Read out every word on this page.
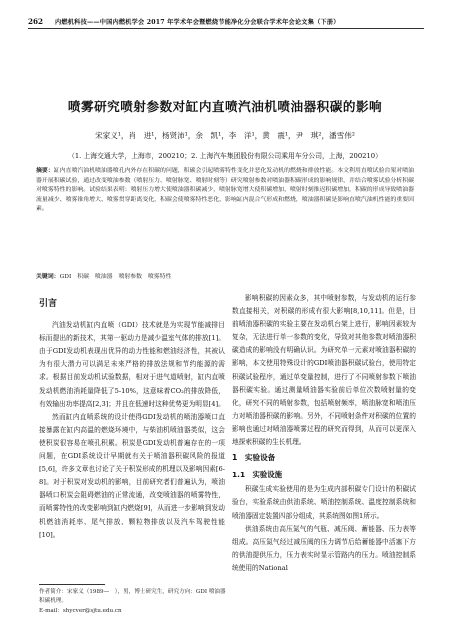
262 内燃机科技——中国内燃机学会 2017 年学术年会暨燃烧节能净化分会联合学术年会论文集（下册）
喷雾研究喷射参数对缸内直喷汽油机喷油器积碳的影响
宋家义¹，肖　进¹，杨贤沛¹，余　凯¹，李　洋¹，黄　震¹，尹　琪²，潘雪伟²
（1. 上海交通大学，上海市，200210；2. 上海汽车集团股份有限公司乘用车分公司，上海，200210）
摘要：缸内直喷汽油机喷油器喷孔内外存在积碳的问题，积碳会引起喷雾特性变化并恶化发动机的燃烧和排放性能。本文利用直喷试验台架对喷油器开展积碳试验，通过改变喷油参数（喷射压力、喷射脉宽、喷射时刻等）研究喷射参数对喷油器积碳形成的影响规律，并结合喷雾试验分析积碳对喷雾特性的影响。试验结果表明：喷射压力增大使喷油器积碳减少，喷射脉宽增大使积碳增加，喷射时刻推迟积碳增加，积碳的形成导致喷油器流量减少、喷雾锥角增大、喷雾贯穿距离变化，积碳会使喷雾特性恶化，影响缸内混合气形成和燃烧，喷油器积碳是影响直喷汽油机性能的重要因素。
关键词：GDI　积碳　喷油器　喷射参数　喷雾特性
引言

汽油发动机缸内直喷（GDI）技术就是为实现节能减排目标而提出的新技术，其第一驱动力是减少温室气体的排放[1]。由于GDI发动机表现出优异的动力性能和燃油经济性，其被认为有很大潜力可以满足未来严格的排放法规和节约能源的需求。根据目前发动机试验数据，相对于进气道喷射，缸内直喷发动机燃油消耗量降低了5-10%，这意味着CO₂的排放降低，有效输出功率提高[2,3]；并且在低速时这种优势更为明显[4]。

然而缸内直喷系统的设计使得GDI发动机的喷油器喷口直接暴露在缸内高温的燃烧环境中，与柴油机喷油器类似，这会使积炭很容易在喷孔积累。积炭是GDI发动机普遍存在的一项问题，在GDI系统设计早期就有关于喷油器积碳风险的报道[5,6]，许多文章也讨论了关于积炭形成的机理以及影响因素[6-8]。对于积炭对发动机的影响，目前研究者们普遍认为，喷油器喷口积炭会阻碍燃油的正常流通，改变喷油器的喷雾特性，而喷雾特性的改变影响到缸内燃烧[9]，从而进一步影响到发动机燃油消耗率、尾气排放、颗粒物排放以及汽车驾驶性能[10]。

影响积碳的因素众多，其中喷射参数，与发动机的运行参数直接相关，对积碳的形成有很大影响[8,10,11]。但是，目前喷油器积碳的实验主要在发动机台架上进行，影响因素较为复杂，无法进行单一参数的变化，导致对其他参数对喷油器积碳造成的影响没有明确认识。为研究单一元素对喷油器积碳的影响，本文使用特殊设计的GDI喷油器积碳试验台，使用特定积碳试验程序，通过单变量控制，进行了不同喷射参数下喷油器积碳实验。通过测量喷油器实验前后单位次数喷射量的变化，研究不同的喷射参数，包括喷射频率，喷油脉宽和喷油压力对喷油器积碳的影响。另外，不同喷射条件对积碳的位置的影响也通过对喷油器喷雾过程的研究而得到，从而可以更深入地探索积碳的生长机理。

1　实验设备
1.1　实验设施

积碳生成实验使用的是为生成内部积碳专门设计的积碳试验台，实验系统由供油系统、喷油控制系统、温度控制系统和喷油器固定装置四部分组成，其系统图如图1所示。

供油系统由高压氮气的气瓶、减压阀、蓄能器、压力表等组成。高压氮气经过减压阀的压力调节后给蓄能器中活塞下方的供油提供压力，压力表实时显示管路内的压力。喷油控制系统使用的National

作者简介：宋家义（1989—　），男，博士研究生，研究方向：GDI 喷油器积碳机理。
E-mail：shycver@sjtu.edu.cn
